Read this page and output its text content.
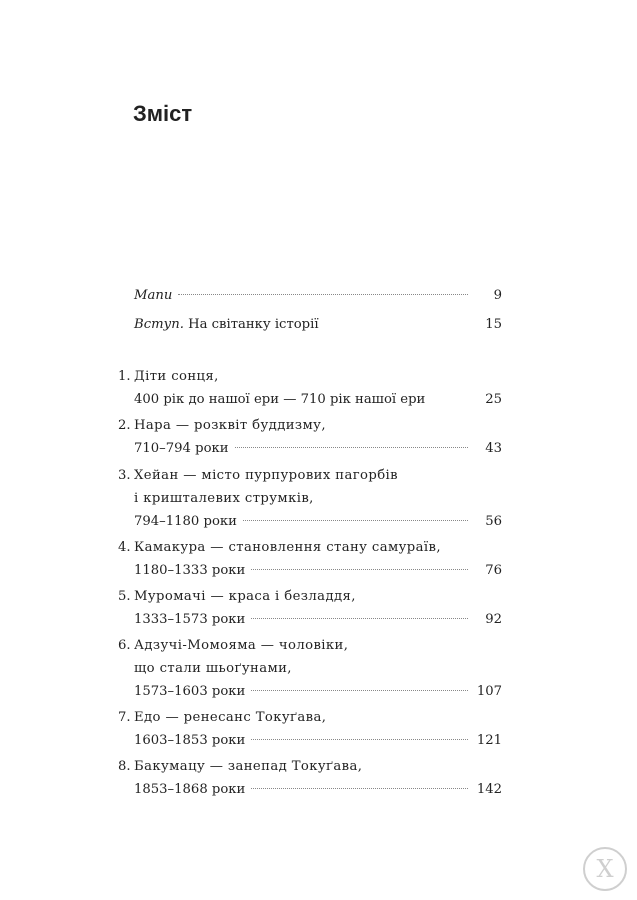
Зміст
Мапи	9
Вступ. На світанку історії	15
1. Діти сонця,
400 рік до нашої ери — 710 рік нашої ери	25
2. Нара — розквіт буддизму,
710–794 роки	43
3. Хейан — місто пурпурових пагорбів
і кришталевих струмків,
794–1180 роки	56
4. Камакура — становлення стану самураїв,
1180–1333 роки	76
5. Муромачі — краса і безладдя,
1333–1573 роки	92
6. Адзучі-Момояма — чоловіки,
що стали шьоґунами,
1573–1603 роки	107
7. Едо — ренесанс Токуґава,
1603–1853 роки	121
8. Бакумацу — занепад Токуґава,
1853–1868 роки	142
X
